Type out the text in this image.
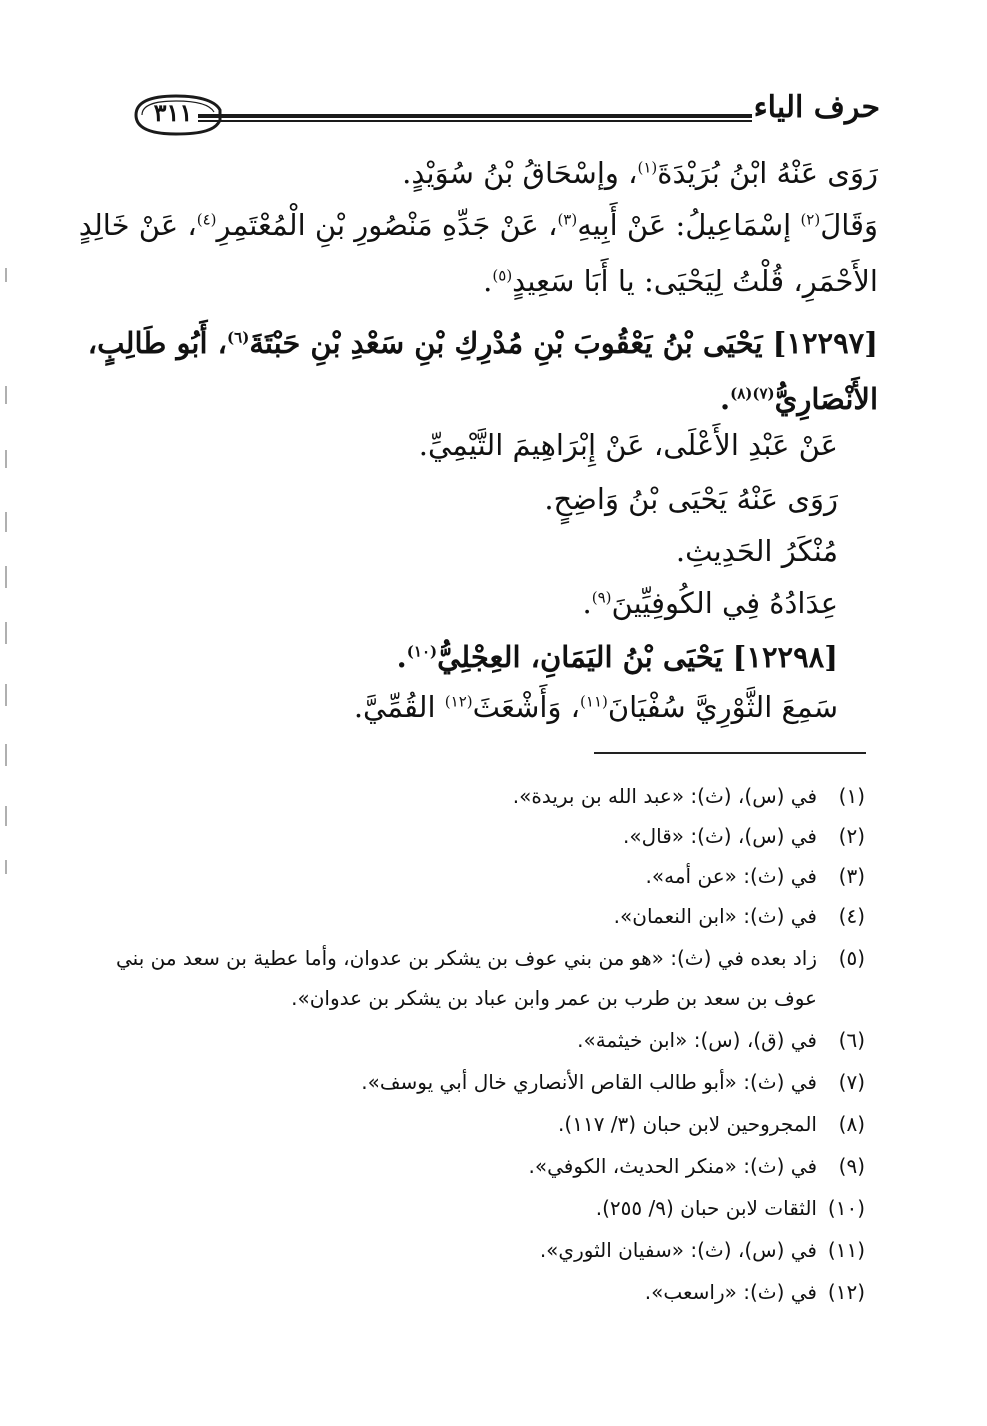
٣١١	حرف الياء
رَوَى عَنْهُ ابْنُ بُرَيْدَةَ$^{(١)}$، وإسْحَاقُ بْنُ سُوَيْدٍ.
وَقَالَ$^{(٢)}$ إسْمَاعِيلُ: عَنْ أَبِيهِ$^{(٣)}$، عَنْ جَدِّهِ مَنْصُورِ بْنِ الْمُعْتَمِرِ$^{(٤)}$، عَنْ خَالِدٍ
الأَحْمَرِ، قُلْتُ لِيَحْيَى: يا أَبَا سَعِيدٍ$^{(٥)}$.
[١٢٢٩٧] يَحْيَى بْنُ يَعْقُوبَ بْنِ مُدْرِكِ بْنِ سَعْدِ بْنِ حَبْتَةَ$^{(٦)}$، أَبُو طَالِبٍ،
الأَنْصَارِيُّ$^{(٧)(٨)}$.
عَنْ عَبْدِ الأَعْلَى، عَنْ إِبْرَاهِيمَ التَّيْمِيِّ.
رَوَى عَنْهُ يَحْيَى بْنُ وَاضِحٍ.
مُنْكَرُ الحَدِيثِ.
عِدَادُهُ فِي الكُوفِيِّينَ$^{(٩)}$.
[١٢٢٩٨] يَحْيَى بْنُ اليَمَانِ، العِجْلِيُّ$^{(١٠)}$.
سَمِعَ الثَّوْرِيَّ سُفْيَانَ$^{(١١)}$، وَأَشْعَثَ$^{(١٢)}$ القُمِّيَّ.
(١)في (س)، (ث): «عبد الله بن بريدة».
(٢)في (س)، (ث): «قال».
(٣)في (ث): «عن أمه».
(٤)في (ث): «ابن النعمان».
(٥)زاد بعده في (ث): «هو من بني عوف بن يشكر بن عدوان، وأما عطية بن سعد من بني
عوف بن سعد بن طرب بن عمر وابن عباد بن يشكر بن عدوان».
(٦)في (ق)، (س): «ابن خيثمة».
(٧)في (ث): «أبو طالب القاص الأنصاري خال أبي يوسف».
(٨)المجروحين لابن حبان (٣/ ١١٧).
(٩)في (ث): «منكر الحديث، الكوفي».
(١٠)الثقات لابن حبان (٩/ ٢٥٥).
(١١)في (س)، (ث): «سفيان الثوري».
(١٢)في (ث): «راسعب».
